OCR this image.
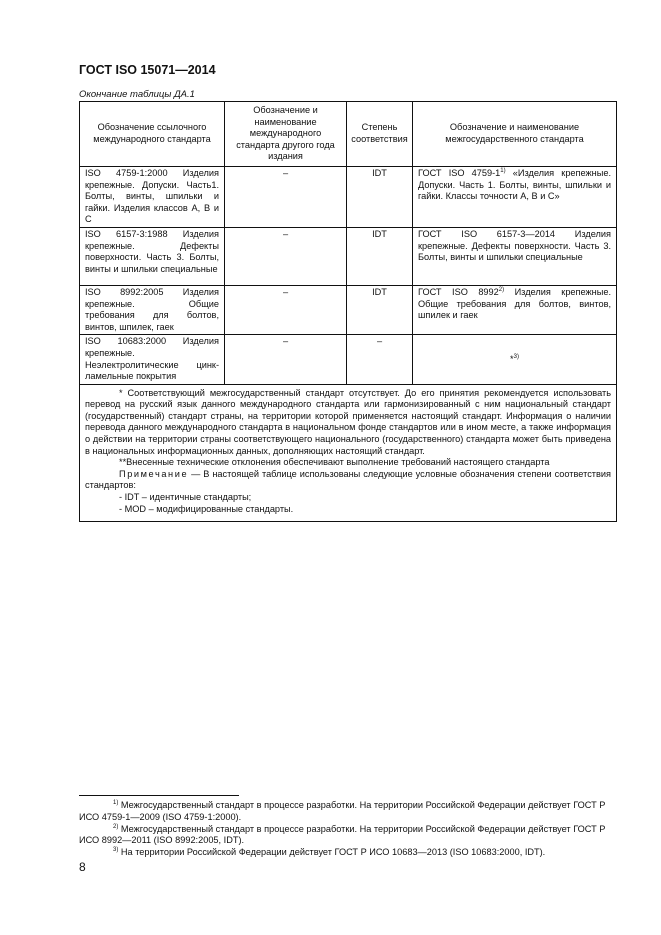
ГОСТ ISO 15071—2014
Окончание таблицы ДА.1
Обозначение ссылочного международного стандарта	Обозначение и наименование международного стандарта другого года издания	Степень соответствия	Обозначение и наименование межгосударственного стандарта
ISO 4759-1:2000 Изделия крепежные. Допуски. Часть1. Болты, винты, шпильки и гайки. Изделия классов А, В и С	–	IDT	ГОСТ ISO 4759-1$^{1)}$ «Изделия крепежные. Допуски. Часть 1. Болты, винты, шпильки и гайки. Классы точности А, В и С»
ISO 6157-3:1988 Изделия крепежные. Дефекты поверхности. Часть 3. Болты, винты и шпильки специальные	–	IDT	ГОСТ ISO 6157-3—2014 Изделия крепежные. Дефекты поверхности. Часть 3. Болты, винты и шпильки специальные
ISO 8992:2005 Изделия крепежные. Общие требования для болтов, винтов, шпилек, гаек	–	IDT	ГОСТ ISO 8992$^{2)}$ Изделия крепежные. Общие требования для болтов, винтов, шпилек и гаек
ISO 10683:2000 Изделия крепежные. Неэлектролитические цинк-ламельные покрытия	–	–	*$^{3)}$

* Соответствующий межгосударственный стандарт отсутствует. До его принятия рекомендуется использовать перевод на русский язык данного международного стандарта или гармонизированный с ним национальный стандарт (государственный) стандарт страны, на территории которой применяется настоящий стандарт. Информация о наличии перевода данного международного стандарта в национальном фонде стандартов или в ином месте, а также информация о действии на территории страны соответствующего национального (государственного) стандарта может быть приведена в национальных информационных данных, дополняющих настоящий стандарт.

**Внесенные технические отклонения обеспечивают выполнение требований настоящего стандарта

Примечание — В настоящей таблице использованы следующие условные обозначения степени соответствия стандартов:

- IDT – идентичные стандарты;

- MOD – модифицированные стандарты.			

$^{1)}$ Межгосударственный стандарт в процессе разработки. На территории Российской Федерации действует ГОСТ Р ИСО 4759-1—2009 (ISO 4759-1:2000).

$^{2)}$ Межгосударственный стандарт в процессе разработки. На территории Российской Федерации действует ГОСТ Р ИСО 8992—2011 (ISO 8992:2005, IDT).

$^{3)}$ На территории Российской Федерации действует ГОСТ Р ИСО 10683—2013 (ISO 10683:2000, IDT).

8
